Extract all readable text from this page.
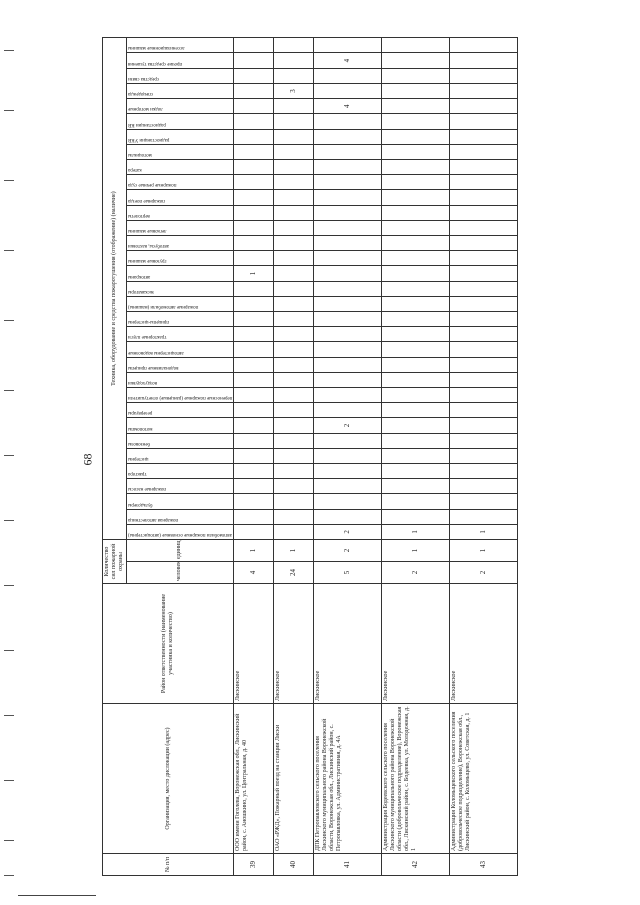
68
№ п/п	Организация, место дислокации (адрес)	Район ответственности (наименование участника и количество)	Количество сил пожарной охраны		Техника, оборудование и средства пожаротушения (отображение) (наличие)																																
			человек	единиц																																	

					автомобили пожарные основные (автоцистерны)	пожарная автолестница	бульдозеры	пожарные насосы	трактора	цистерны	бензовозы	мотопомпы	резервуары	переносные пожарные (ранцевые) огнетушители	воздуходувки	водоналивные прицепы	автоцистерны водовозные	тракторные плуги	прицепы-цистерны	пожарные автомобили (машины)	экскаваторы	автокраны	грузовые машины	автобусы, вахтовки	легковые машины	вертолеты	пожарные поезда	пожарные речные суда	катера	мотоциклы	радиостанции УКВ	радиостанции КВ	лодки моторные	спецодежда	средства связи	прочие средства тушения	ассенизационные машины

39	ООО имени Гоголева, Воронежская обл., Лискинский район, с. Аношкино, ул. Центральная, д. 40	Лискинское	4	1																		1															
40	ОАО «РЖД», Пожарный поезд на станции Лиски	Лискинское	24	1																														3			
41	ДПК Петропавловского сельского поселения Лискинского муниципального района Воронежской области, Воронежская обл., Лискинский район, с. Петропавловка, ул. Административная, д. 4А	Лискинское	5	2	2							2																					4			4	
42	Администрация Бодеевского сельского поселения Лискинского муниципального района Воронежской области (добровольческое подразделение), Воронежская обл., Лискинский район, с. Бодеевка, ул. Молодежная, д. 1	Лискинское	2	1	1																																
43	Администрация Коломыцевского сельского поселения (добровольческое подразделение), Воронежская обл., Лискинский район, с. Коломыцево, ул. Советская, д. 1	Лискинское	2	1	1																																
